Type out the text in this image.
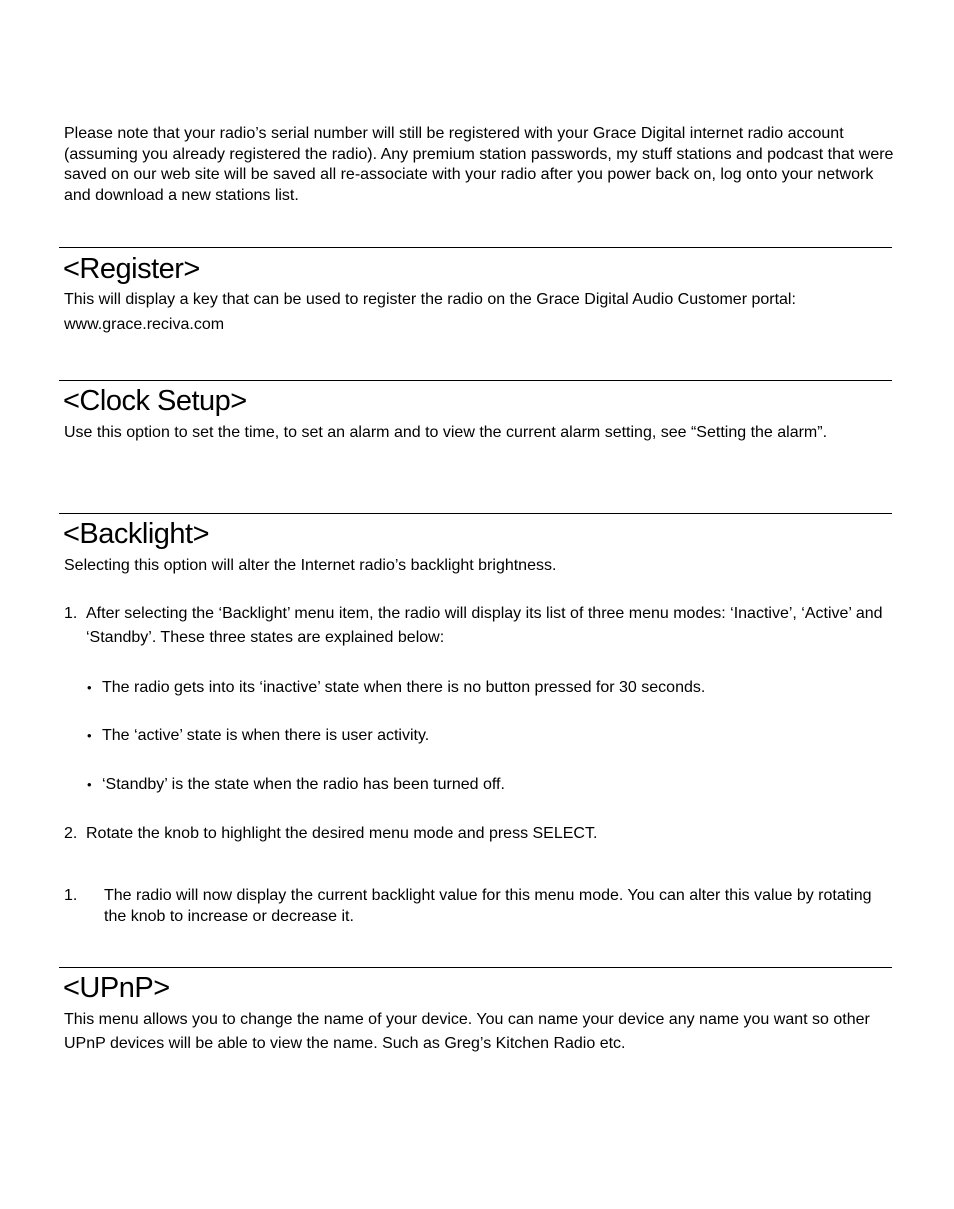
Please note that your radio’s serial number will still be registered with your Grace Digital internet radio account (assuming you already registered the radio). Any premium station passwords, my stuff stations and podcast that were saved on our web site will be saved all re-associate with your radio after you power back on, log onto your network and download a new stations list.

<Register>

This will display a key that can be used to register the radio on the Grace Digital Audio Customer portal:

www.grace.reciva.com

<Clock Setup>

Use this option to set the time, to set an alarm and to view the current alarm setting, see “Setting the alarm”.

<Backlight>

Selecting this option will alter the Internet radio’s backlight brightness.

1. After selecting the ‘Backlight’ menu item, the radio will display its list of three menu modes: ‘Inactive’, ‘Active’ and ‘Standby’. These three states are explained below:

• The radio gets into its ‘inactive’ state when there is no button pressed for 30 seconds.

• The ‘active’ state is when there is user activity.

• ‘Standby’ is the state when the radio has been turned off.

2. Rotate the knob to highlight the desired menu mode and press SELECT.

1. The radio will now display the current backlight value for this menu mode. You can alter this value by rotating the knob to increase or decrease it.

<UPnP>

This menu allows you to change the name of your device. You can name your device any name you want so other UPnP devices will be able to view the name. Such as Greg’s Kitchen Radio etc.
